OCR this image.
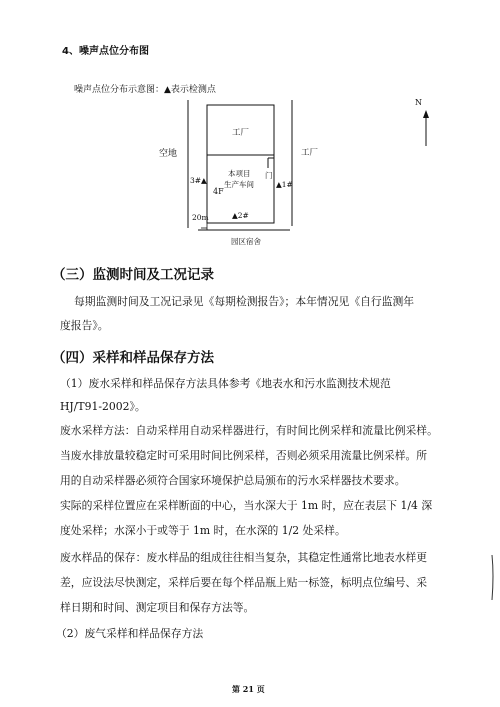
4、噪声点位分布图
噪声点位分布示意图：▲表示检测点
N
空地
工厂
工厂
本项目
生产车间
4F
门
3#▲	▲1#
▲2#
20m
园区宿舍
（三）监测时间及工况记录
每期监测时间及工况记录见《每期检测报告》；本年情况见《自行监测年
度报告》。
（四）采样和样品保存方法
（1）废水采样和样品保存方法具体参考《地表水和污水监测技术规范
HJ/T91-2002》。
废水采样方法：自动采样用自动采样器进行，有时间比例采样和流量比例采样。
当废水排放量较稳定时可采用时间比例采样，否则必须采用流量比例采样。所
用的自动采样器必须符合国家环境保护总局颁布的污水采样器技术要求。
实际的采样位置应在采样断面的中心，当水深大于 1m 时，应在表层下 1/4 深
度处采样；水深小于或等于 1m 时，在水深的 1/2 处采样。
废水样品的保存：废水样品的组成往往相当复杂，其稳定性通常比地表水样更
差，应设法尽快测定，采样后要在每个样品瓶上贴一标签，标明点位编号、采
样日期和时间、测定项目和保存方法等。
（2）废气采样和样品保存方法
第 21 页
